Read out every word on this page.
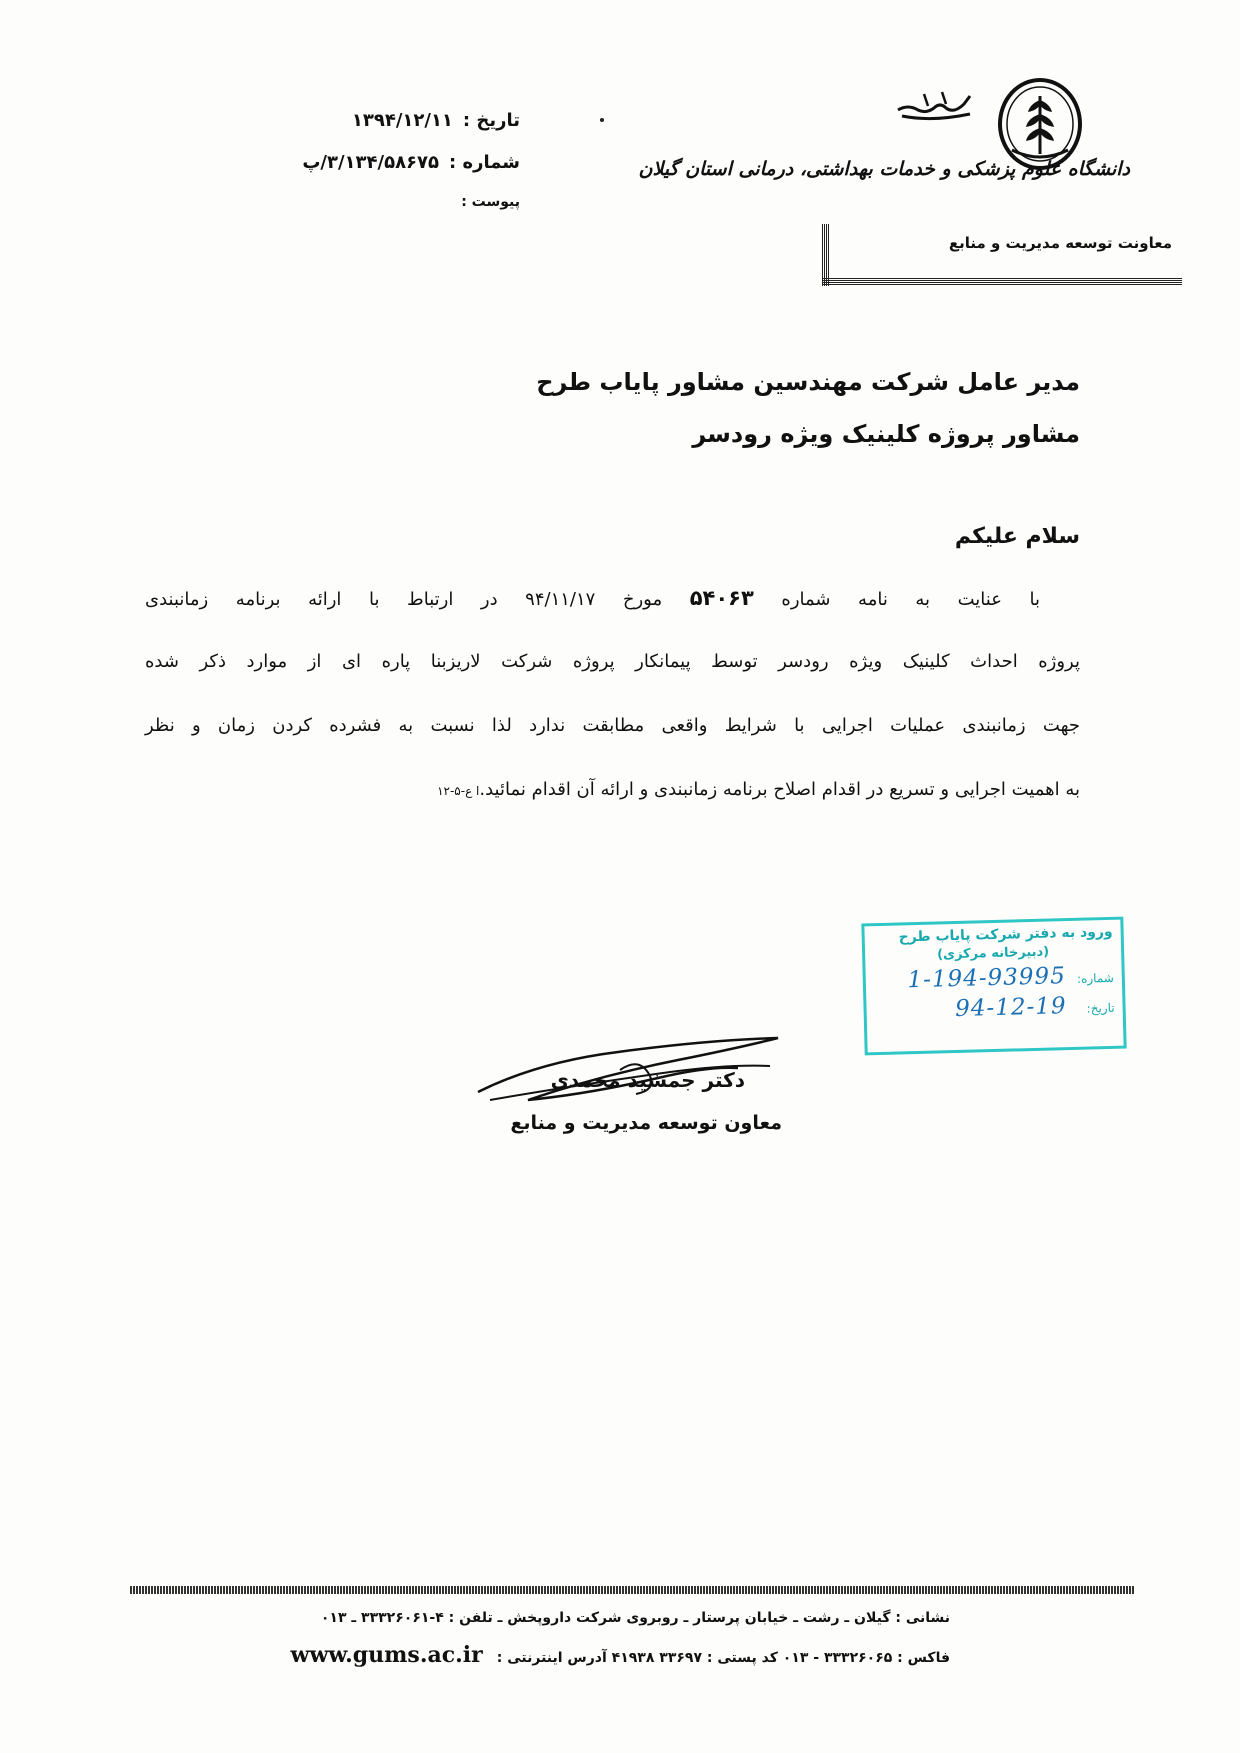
دانشگاه علوم پزشکی و خدمات بهداشتی، درمانی استان گیلان
معاونت توسعه مدیریت و منابع
تاریخ :
۱۳۹۴/۱۲/۱۱
شماره :
۳/۱۳۴/۵۸۶۷۵/پ
پیوست :
مدیر عامل شرکت مهندسین مشاور پایاب طرح
مشاور پروژه کلینیک ویژه رودسر
سلام علیکم
با عنایت به نامه شماره ۵۴۰۶۳ مورخ ۹۴/۱۱/۱۷ در ارتباط با ارائه برنامه زمانبندی
پروژه احداث کلینیک ویژه رودسر توسط پیمانکار پروژه شرکت لاریزبنا پاره ای از موارد ذکر شده
جهت زمانبندی عملیات اجرایی با شرایط واقعی مطابقت ندارد لذا نسبت به فشرده کردن زمان و نظر
به اهمیت اجرایی و تسریع در اقدام اصلاح برنامه زمانبندی و ارائه آن اقدام نمائید.ا ع-۵-۱۲
ورود به دفتر شرکت پایاب طرح
(دبیرخانه مرکزی)
شماره:
1-194-93995
تاریخ:
94-12-19
دکتر جمشید محمدی
معاون توسعه مدیریت و منابع
نشانی : گیلان ـ رشت ـ خیابان پرستار ـ روبروی شرکت داروپخش ـ تلفن : ۴-۳۳۳۲۶۰۶۱ ـ ۰۱۳
فاکس : ۳۳۳۲۶۰۶۵ - ۰۱۳ کد پستی : ۳۳۶۹۷ ۴۱۹۳۸ آدرس اینترنتی :
www.gums.ac.ir
